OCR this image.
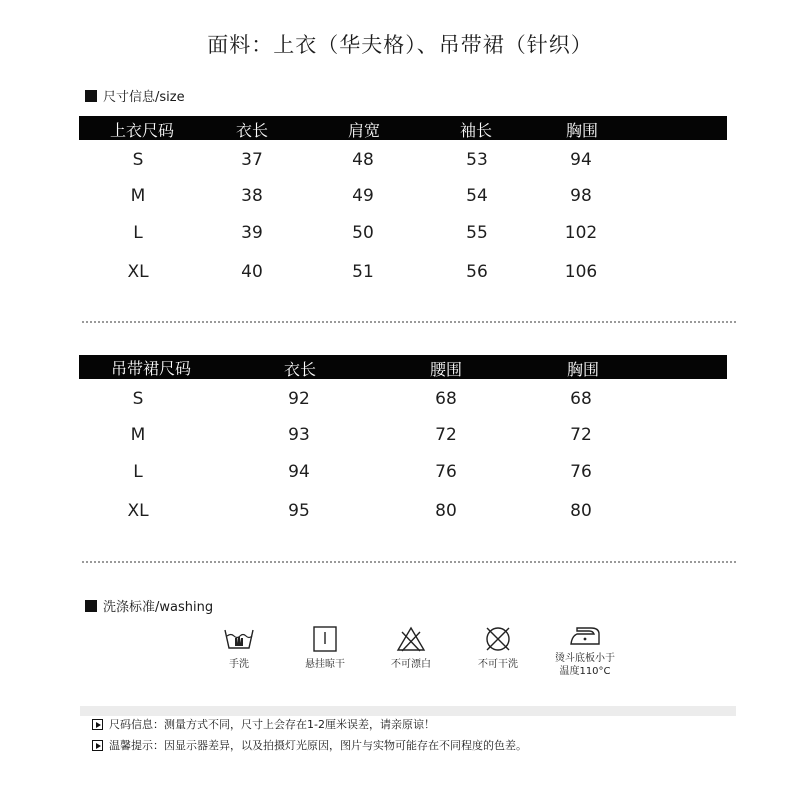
面料：上衣（华夫格）、吊带裙（针织）
尺寸信息/size
上衣尺码	衣长	肩宽	袖长	胸围
S	37	48	53	94
M	38	49	54	98
L	39	50	55	102
XL	40	51	56	106
吊带裙尺码	衣长	腰围	胸围
S	92	68	68
M	93	72	72
L	94	76	76
XL	95	80	80
洗涤标准/washing
手洗	悬挂晾干	不可漂白	不可干洗
烫斗底板小于
温度110°C
尺码信息：测量方式不同，尺寸上会存在1-2厘米误差，请亲原谅！
温馨提示：因显示器差异，以及拍摄灯光原因，图片与实物可能存在不同程度的色差。
